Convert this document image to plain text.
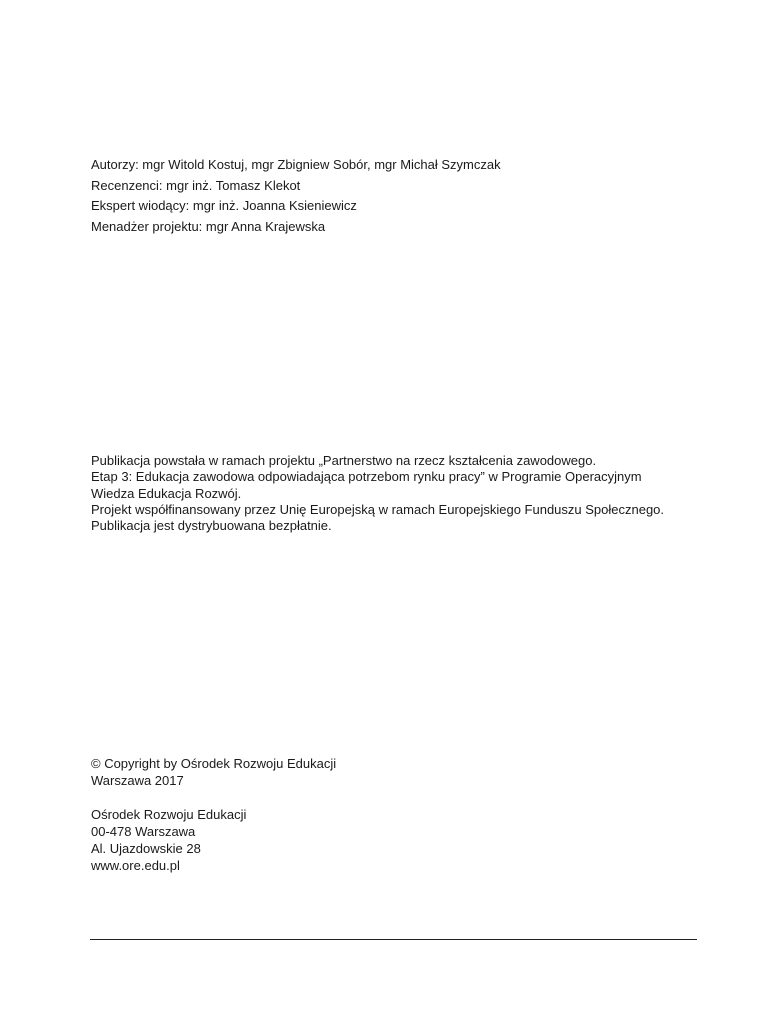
Autorzy: mgr Witold Kostuj, mgr Zbigniew Sobór, mgr Michał Szymczak
Recenzenci: mgr inż. Tomasz Klekot
Ekspert wiodący: mgr inż. Joanna Ksieniewicz
Menadżer projektu: mgr Anna Krajewska
Publikacja powstała w ramach projektu „Partnerstwo na rzecz kształcenia zawodowego.
Etap 3: Edukacja zawodowa odpowiadająca potrzebom rynku pracy” w Programie Operacyjnym
Wiedza Edukacja Rozwój.
Projekt współfinansowany przez Unię Europejską w ramach Europejskiego Funduszu Społecznego.
Publikacja jest dystrybuowana bezpłatnie.
© Copyright by Ośrodek Rozwoju Edukacji
Warszawa 2017
Ośrodek Rozwoju Edukacji
00-478 Warszawa
Al. Ujazdowskie 28
www.ore.edu.pl
